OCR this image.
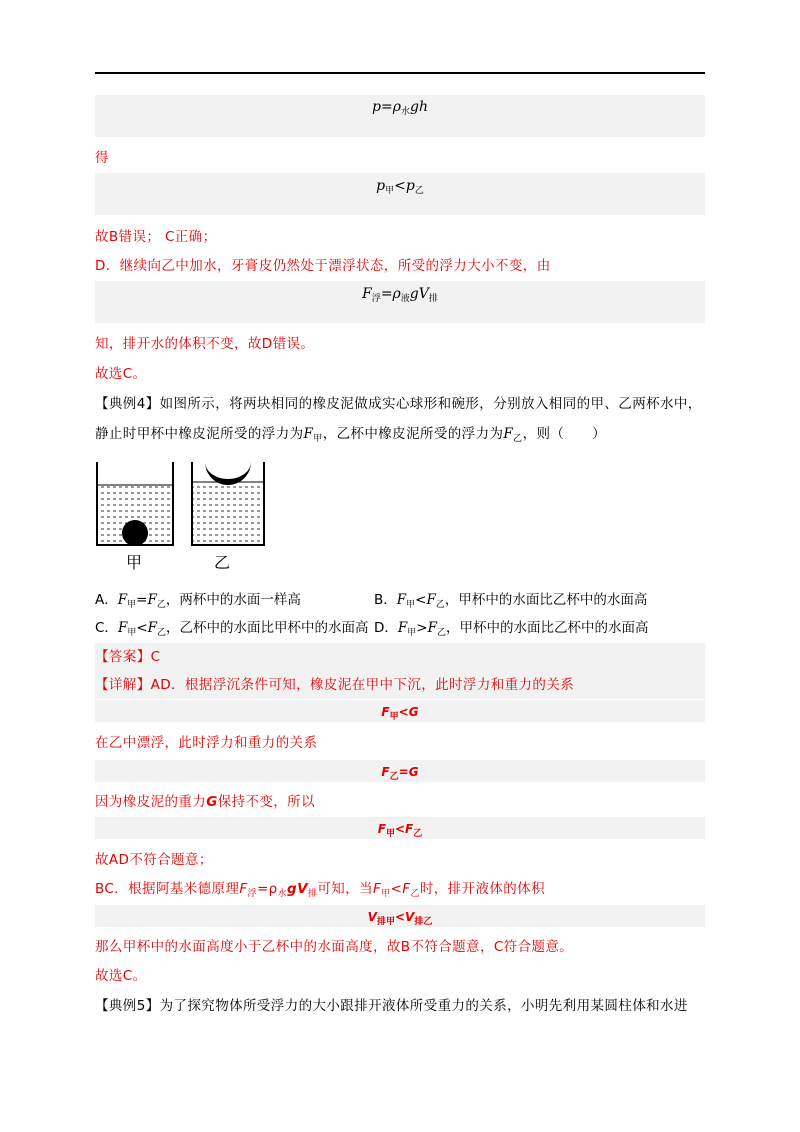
$p=\rho_水gh$
得
$p_甲<p_乙$
故B错误； C正确；
D．继续向乙中加水，牙膏皮仍然处于漂浮状态，所受的浮力大小不变，由
$F_浮=\rho_液gV_排$
知，排开水的体积不变，故D错误。
故选C。
【典例4】如图所示，将两块相同的橡皮泥做成实心球形和碗形，分别放入相同的甲、乙两杯水中，
静止时甲杯中橡皮泥所受的浮力为$F_甲$，乙杯中橡皮泥所受的浮力为$F_乙$，则（　　）
甲	乙
A．$F_甲=F_乙$，两杯中的水面一样高	B．$F_甲<F_乙$，甲杯中的水面比乙杯中的水面高
C．$F_甲<F_乙$，乙杯中的水面比甲杯中的水面高 D．$F_甲>F_乙$，甲杯中的水面比乙杯中的水面高
【答案】C
【详解】AD．根据浮沉条件可知，橡皮泥在甲中下沉，此时浮力和重力的关系
$F_甲<G$
在乙中漂浮，此时浮力和重力的关系
$F_乙=G$
因为橡皮泥的重力G保持不变，所以
$F_甲<F_乙$
故AD不符合题意；
BC．根据阿基米德原理$F_浮=\rho_水gV_排$可知，当$F_甲<F_乙$时，排开液体的体积
$V_{排甲}<V_{排乙}$
那么甲杯中的水面高度小于乙杯中的水面高度，故B不符合题意，C符合题意。
故选C。
【典例5】为了探究物体所受浮力的大小跟排开液体所受重力的关系，小明先利用某圆柱体和水进
